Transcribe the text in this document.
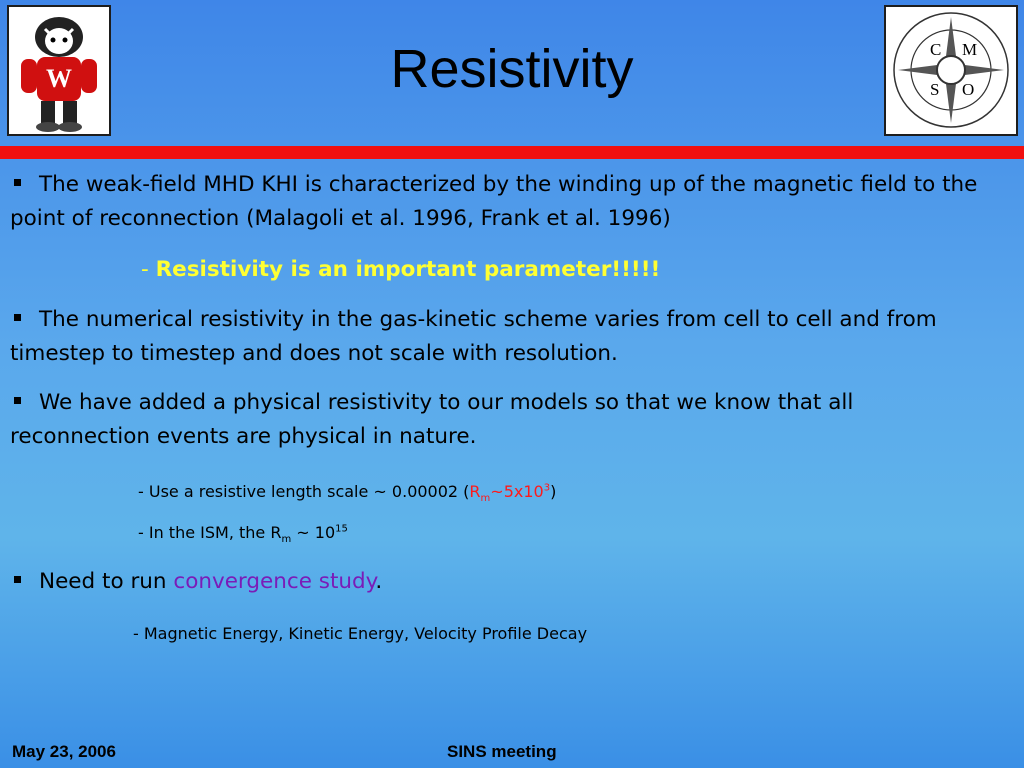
W
C M
S O
Resistivity
The weak-field MHD KHI is characterized by the winding up of the magnetic field to the point of reconnection (Malagoli et al. 1996, Frank et al. 1996)
- Resistivity is an important parameter!!!!!
The numerical resistivity in the gas-kinetic scheme varies from cell to cell and from timestep to timestep and does not scale with resolution.
We have added a physical resistivity to our models so that we know that all reconnection events are physical in nature.
- Use a resistive length scale ~ 0.00002 $(R_m\sim 5x10^3)$
- In the ISM, the $R_m$ ~ $10^{15}$
Need to run convergence study.
- Magnetic Energy, Kinetic Energy, Velocity Profile Decay
May 23, 2006	SINS meeting
